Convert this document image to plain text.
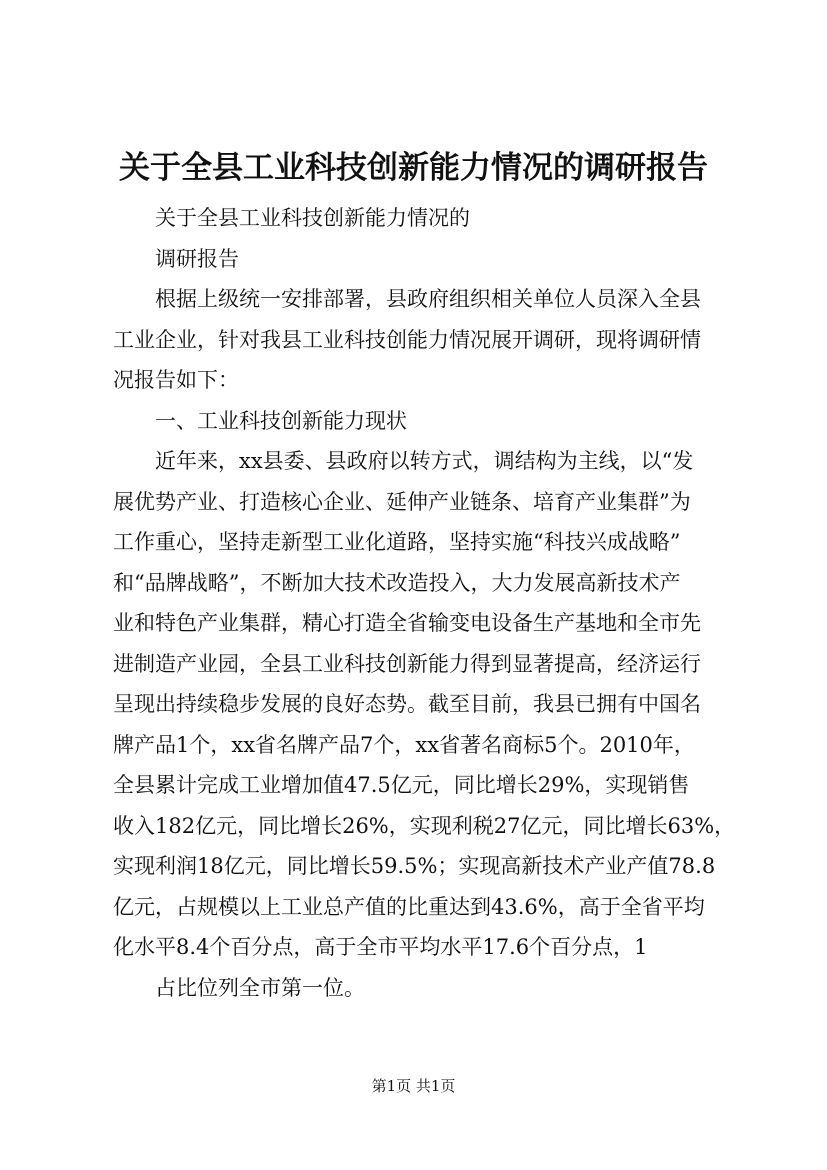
关于全县工业科技创新能力情况的调研报告
关于全县工业科技创新能力情况的
调研报告
根据上级统一安排部署，县政府组织相关单位人员深入全县
工业企业，针对我县工业科技创能力情况展开调研，现将调研情
况报告如下：
一、工业科技创新能力现状
近年来，xx县委、县政府以转方式，调结构为主线，以“发
展优势产业、打造核心企业、延伸产业链条、培育产业集群”为
工作重心，坚持走新型工业化道路，坚持实施“科技兴成战略”
和“品牌战略”，不断加大技术改造投入，大力发展高新技术产
业和特色产业集群，精心打造全省输变电设备生产基地和全市先
进制造产业园，全县工业科技创新能力得到显著提高，经济运行
呈现出持续稳步发展的良好态势。截至目前，我县已拥有中国名
牌产品1个，xx省名牌产品7个，xx省著名商标5个。2010年，
全县累计完成工业增加值47.5亿元，同比增长29%，实现销售
收入182亿元，同比增长26%，实现利税27亿元，同比增长63%，
实现利润18亿元，同比增长59.5%；实现高新技术产业产值78.8
亿元，占规模以上工业总产值的比重达到43.6%，高于全省平均
化水平8.4个百分点，高于全市平均水平17.6个百分点，1
占比位列全市第一位。
第1页 共1页
